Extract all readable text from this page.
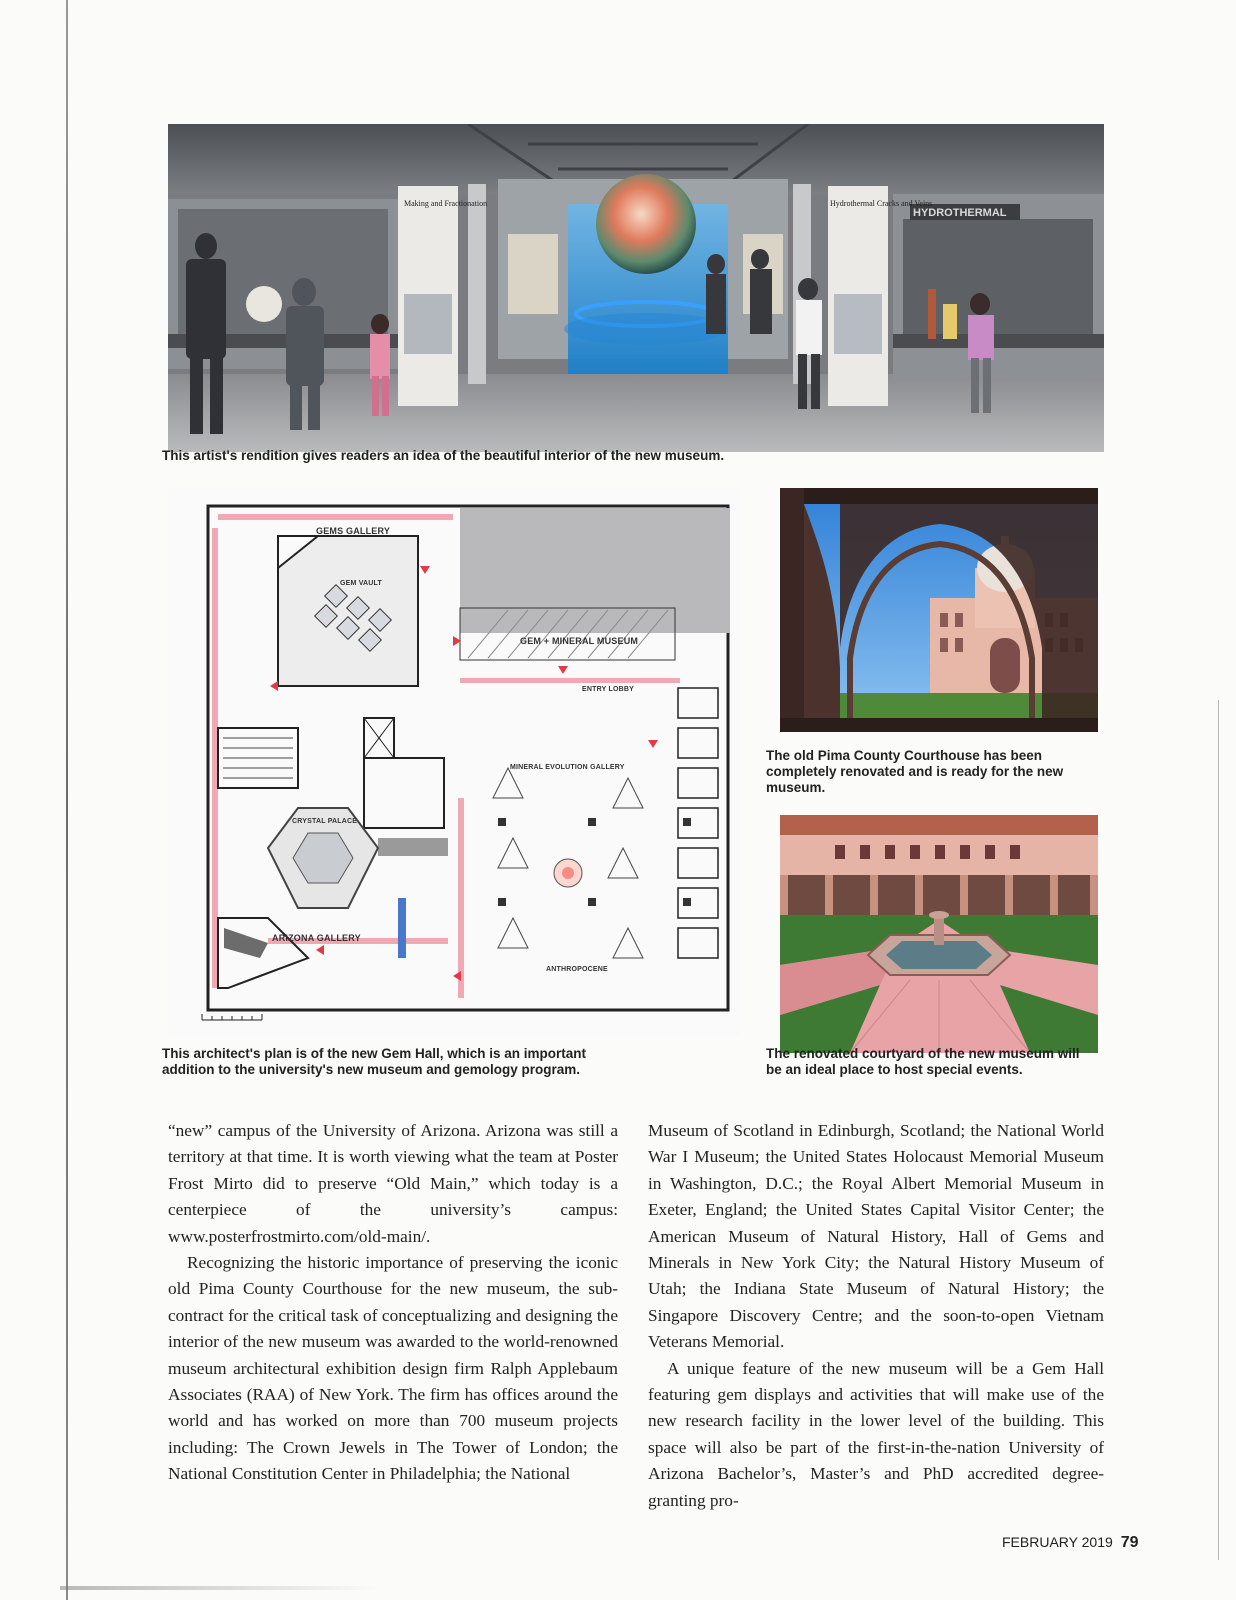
HYDROTHERMAL
Making and Fractionation	Hydrothermal Cracks and Veins
This artist's rendition gives readers an idea of the beautiful interior of the new museum.
GEMS GALLERY
GEM VAULT
GEM + MINERAL MUSEUM
ENTRY LOBBY
MINERAL EVOLUTION GALLERY
CRYSTAL PALACE
ARIZONA GALLERY
ANTHROPOCENE
This architect's plan is of the new Gem Hall, which is an important addition to the university's new museum and gemology program.
The old Pima County Courthouse has been completely renovated and is ready for the new museum.
The renovated courtyard of the new museum will be an ideal place to host special events.

“new” campus of the University of Arizona. Arizona was still a territory at that time. It is worth viewing what the team at Poster Frost Mirto did to preserve “Old Main,” which today is a centerpiece of the university’s campus: www.posterfrostmirto.com/old-main/.

Recognizing the historic importance of preserving the iconic old Pima County Courthouse for the new museum, the sub-contract for the critical task of conceptualizing and designing the interior of the new museum was awarded to the world-renowned museum architectural exhibition design firm Ralph Applebaum Associates (RAA) of New York. The firm has offices around the world and has worked on more than 700 museum projects including: The Crown Jewels in The Tower of London; the National Constitution Center in Philadelphia; the National

Museum of Scotland in Edinburgh, Scotland; the National World War I Museum; the United States Holocaust Memorial Museum in Washington, D.C.; the Royal Albert Memorial Museum in Exeter, England; the United States Capital Visitor Center; the American Museum of Natural History, Hall of Gems and Minerals in New York City; the Natural History Museum of Utah; the Indiana State Museum of Natural History; the Singapore Discovery Centre; and the soon-to-open Vietnam Veterans Memorial.

A unique feature of the new museum will be a Gem Hall featuring gem displays and activities that will make use of the new research facility in the lower level of the building. This space will also be part of the first-in-the-nation University of Arizona Bachelor’s, Master’s and PhD accredited degree-granting pro-

FEBRUARY 2019 79
